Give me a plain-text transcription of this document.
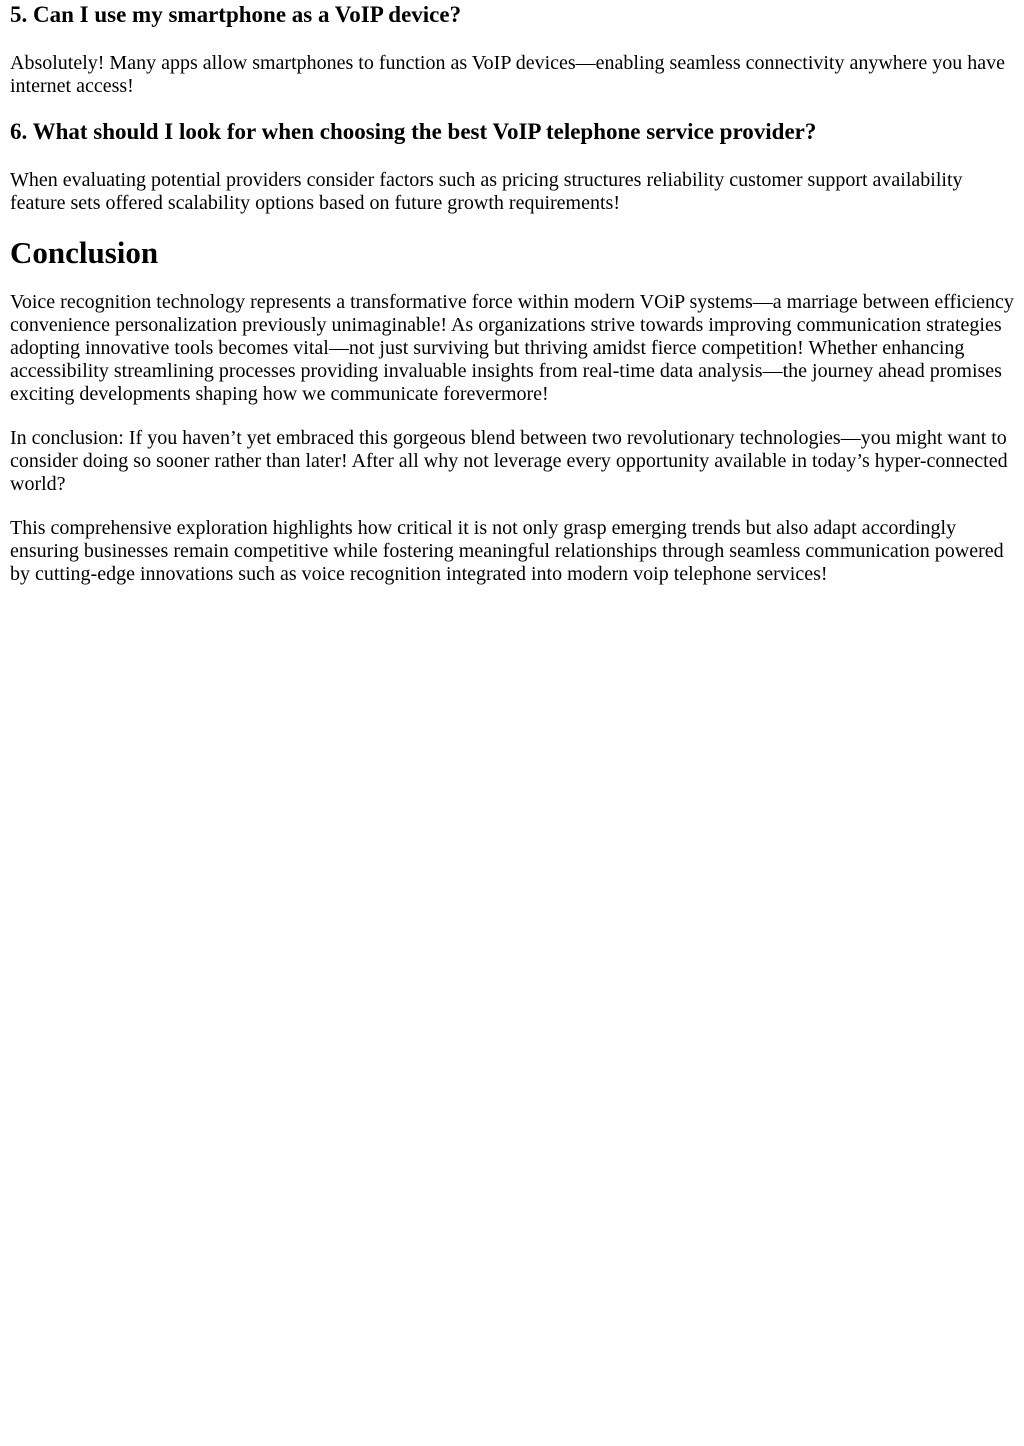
5. Can I use my smartphone as a VoIP device?

Absolutely! Many apps allow smartphones to function as VoIP devices—enabling seamless connectivity anywhere you have internet access!

6. What should I look for when choosing the best VoIP telephone service provider?

When evaluating potential providers consider factors such as pricing structures reliability customer support availability feature sets offered scalability options based on future growth requirements!

Conclusion

Voice recognition technology represents a transformative force within modern VOiP systems—a marriage between efficiency convenience personalization previously unimaginable! As organizations strive towards improving communication strategies adopting innovative tools becomes vital—not just surviving but thriving amidst fierce competition! Whether enhancing accessibility streamlining processes providing invaluable insights from real-time data analysis—the journey ahead promises exciting developments shaping how we communicate forevermore!

In conclusion: If you haven’t yet embraced this gorgeous blend between two revolutionary technologies—you might want to consider doing so sooner rather than later! After all why not leverage every opportunity available in today’s hyper-connected world?

This comprehensive exploration highlights how critical it is not only grasp emerging trends but also adapt accordingly ensuring businesses remain competitive while fostering meaningful relationships through seamless communication powered by cutting-edge innovations such as voice recognition integrated into modern voip telephone services!
